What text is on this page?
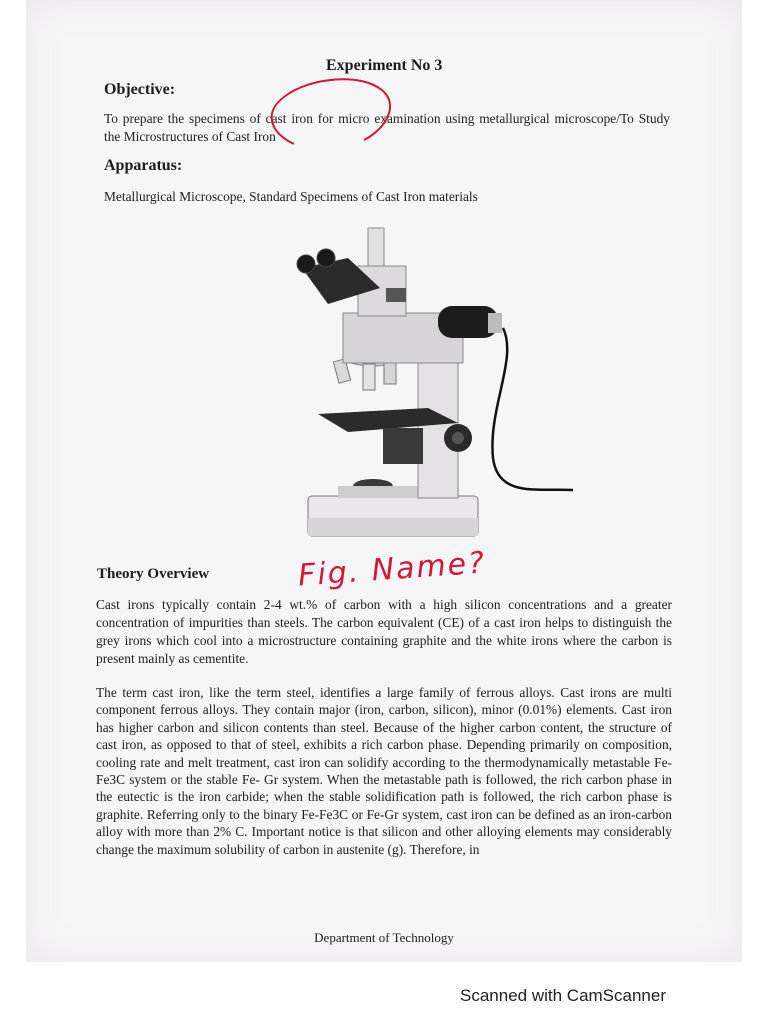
Experiment No 3
Objective:
To prepare the specimens of cast iron for micro examination using metallurgical microscope/To Study the Microstructures of Cast Iron
Apparatus:
Metallurgical Microscope, Standard Specimens of Cast Iron materials
Theory Overview	Fig. Name?
Cast irons typically contain 2-4 wt.% of carbon with a high silicon concentrations and a greater concentration of impurities than steels. The carbon equivalent (CE) of a cast iron helps to distinguish the grey irons which cool into a microstructure containing graphite and the white irons where the carbon is present mainly as cementite.
The term cast iron, like the term steel, identifies a large family of ferrous alloys. Cast irons are multi component ferrous alloys. They contain major (iron, carbon, silicon), minor (0.01%) elements. Cast iron has higher carbon and silicon contents than steel. Because of the higher carbon content, the structure of cast iron, as opposed to that of steel, exhibits a rich carbon phase. Depending primarily on composition, cooling rate and melt treatment, cast iron can solidify according to the thermodynamically metastable Fe-Fe3C system or the stable Fe- Gr system. When the metastable path is followed, the rich carbon phase in the eutectic is the iron carbide; when the stable solidification path is followed, the rich carbon phase is graphite. Referring only to the binary Fe-Fe3C or Fe-Gr system, cast iron can be defined as an iron-carbon alloy with more than 2% C. Important notice is that silicon and other alloying elements may considerably change the maximum solubility of carbon in austenite (g). Therefore, in
Department of Technology
Scanned with CamScanner
